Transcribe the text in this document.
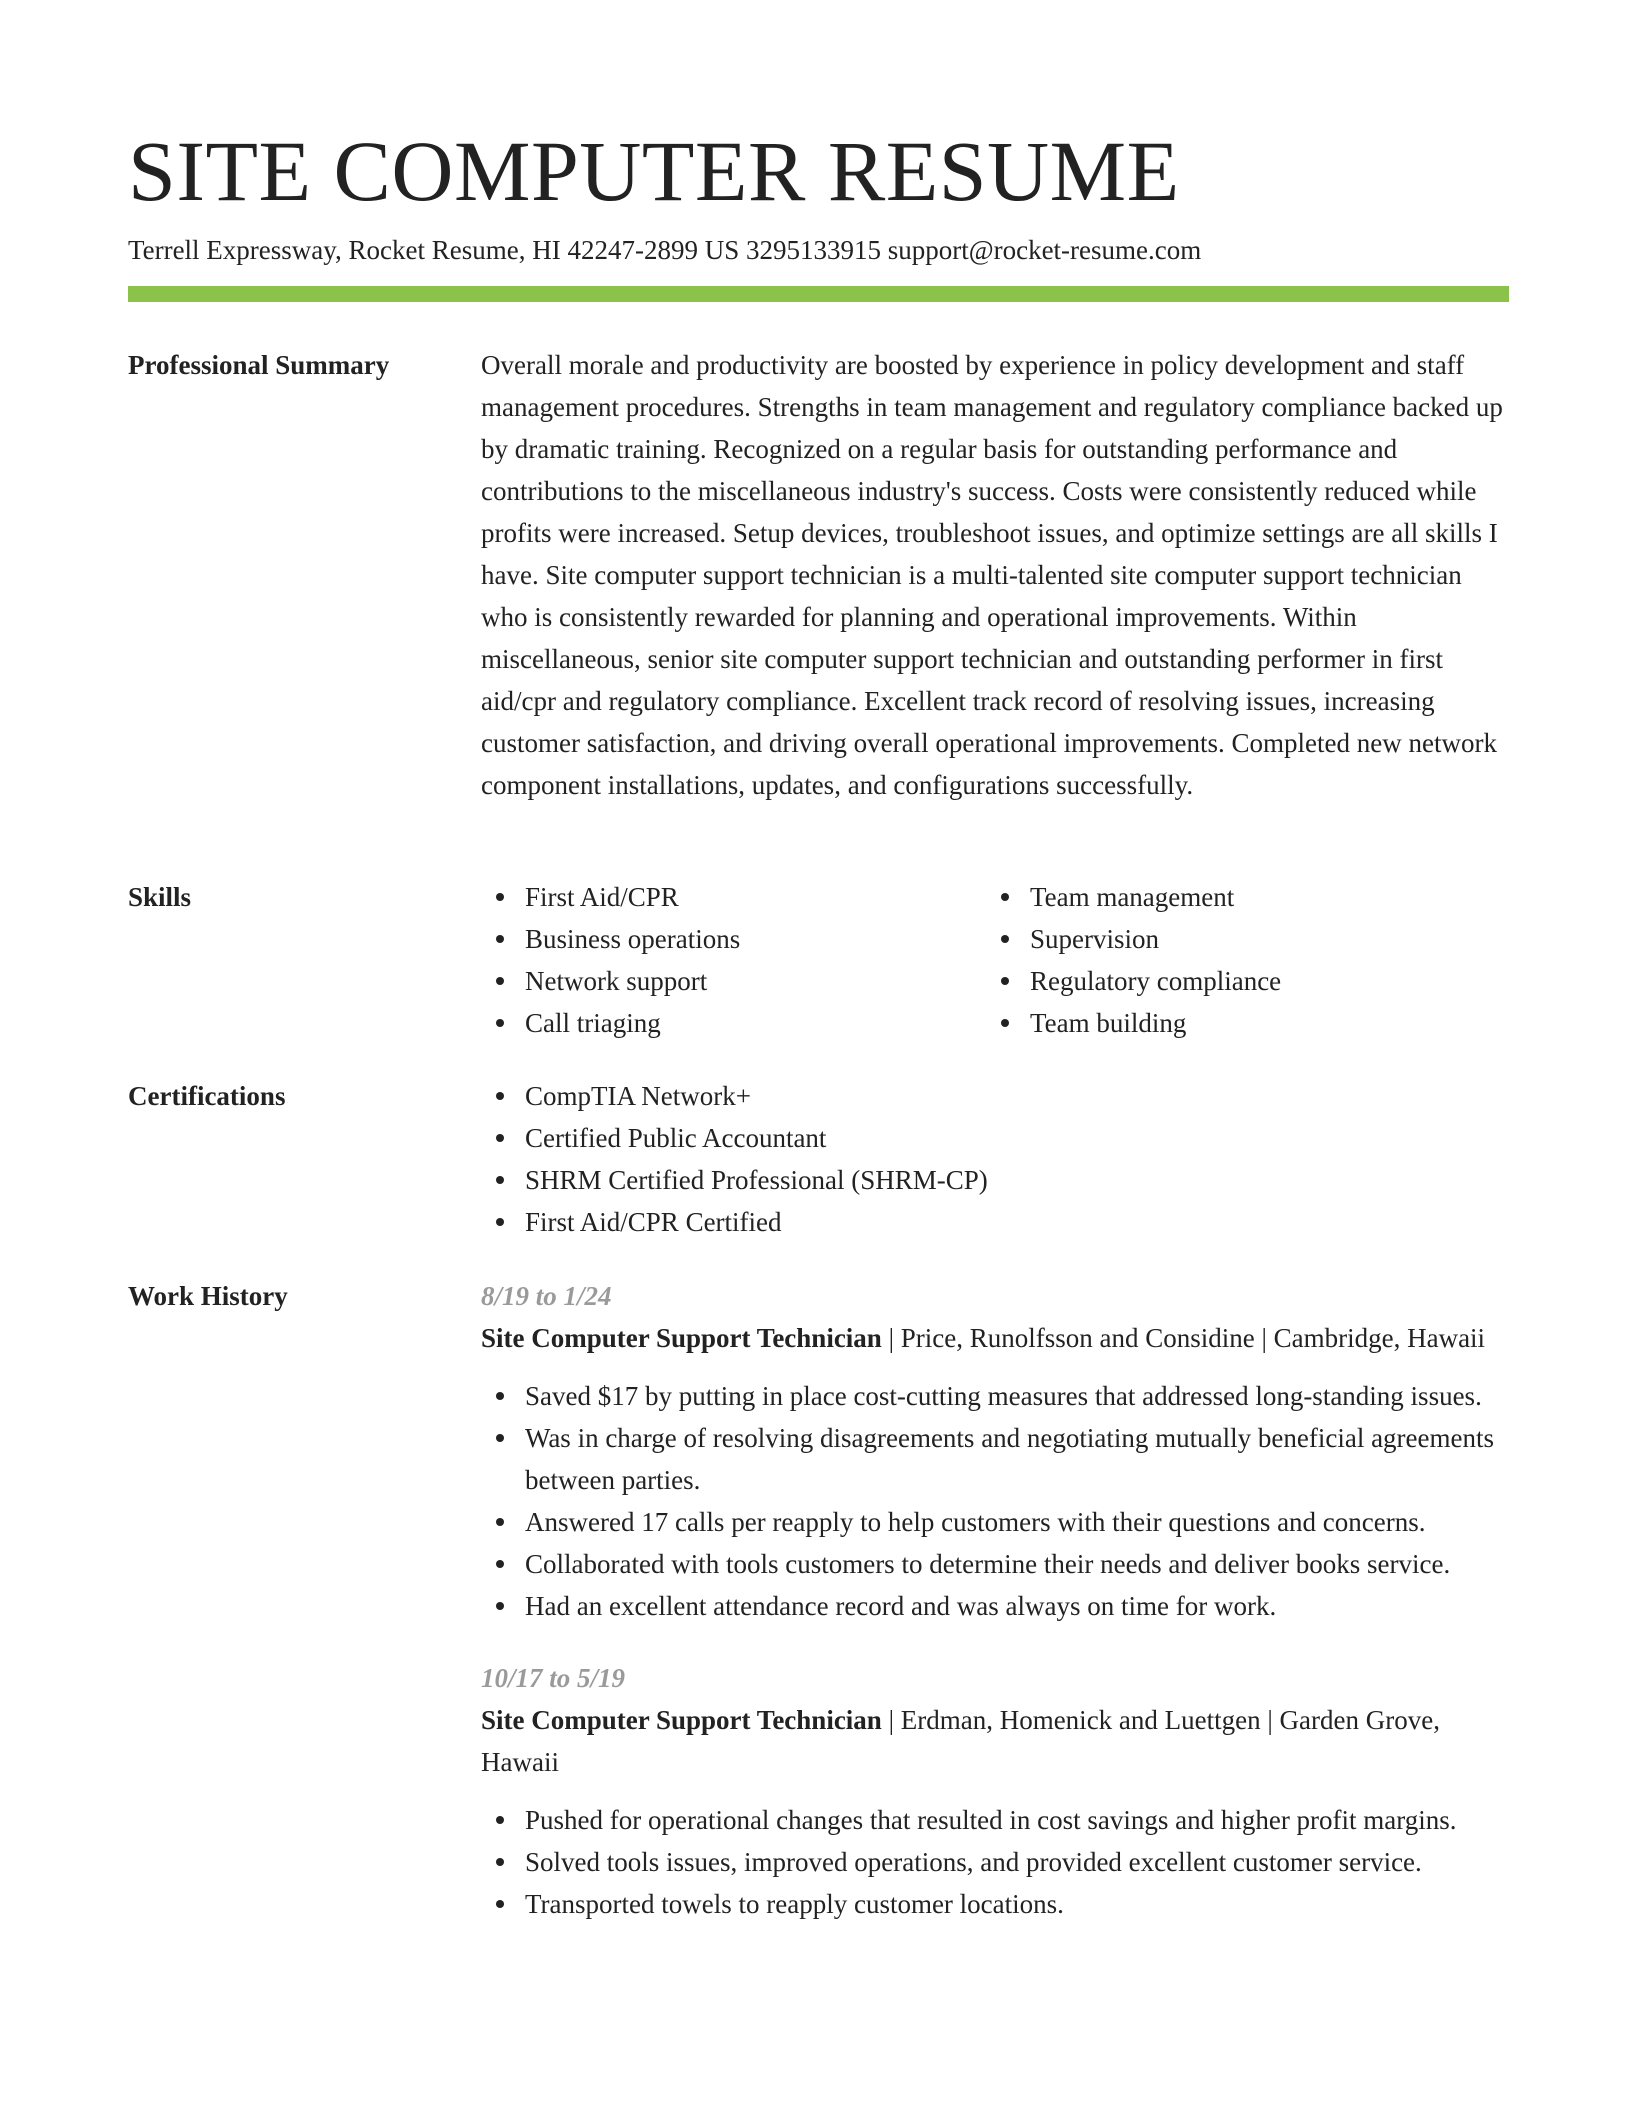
SITE COMPUTER RESUME
Terrell Expressway, Rocket Resume, HI 42247-2899 US 3295133915 support@rocket-resume.com
Professional Summary	Overall morale and productivity are boosted by experience in policy development and staff management procedures. Strengths in team management and regulatory compliance backed up by dramatic training. Recognized on a regular basis for outstanding performance and contributions to the miscellaneous industry's success. Costs were consistently reduced while profits were increased. Setup devices, troubleshoot issues, and optimize settings are all skills I have. Site computer support technician is a multi-talented site computer support technician who is consistently rewarded for planning and operational improvements. Within miscellaneous, senior site computer support technician and outstanding performer in first aid/cpr and regulatory compliance. Excellent track record of resolving issues, increasing customer satisfaction, and driving overall operational improvements. Completed new network component installations, updates, and configurations successfully.

Skills	First Aid/CPR
Business operations
Network support
Call triaging
Team management
Supervision
Regulatory compliance
Team building
Certifications	CompTIA Network+
Certified Public Accountant
SHRM Certified Professional (SHRM-CP)
First Aid/CPR Certified
Work History	8/19 to 1/24
Site Computer Support Technician | Price, Runolfsson and Considine | Cambridge, Hawaii
Saved $17 by putting in place cost-cutting measures that addressed long-standing issues.
Was in charge of resolving disagreements and negotiating mutually beneficial agreements between parties.
Answered 17 calls per reapply to help customers with their questions and concerns.
Collaborated with tools customers to determine their needs and deliver books service.
Had an excellent attendance record and was always on time for work.
10/17 to 5/19
Site Computer Support Technician | Erdman, Homenick and Luettgen | Garden Grove, Hawaii
Pushed for operational changes that resulted in cost savings and higher profit margins.
Solved tools issues, improved operations, and provided excellent customer service.
Transported towels to reapply customer locations.
